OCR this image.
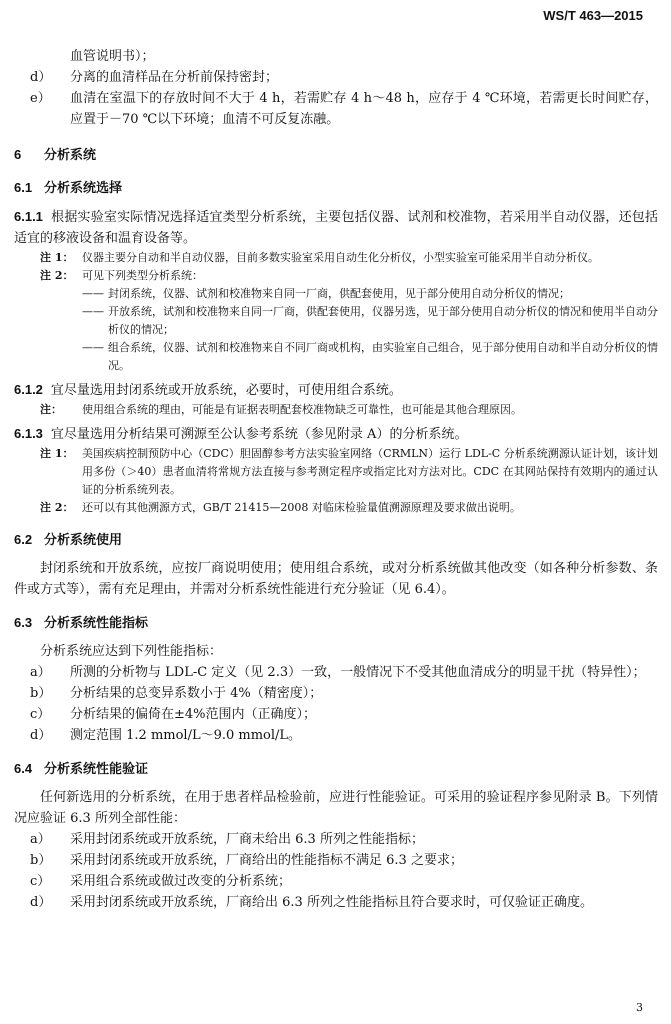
WS/T 463—2015
血管说明书）；
d）	分离的血清样品在分析前保持密封；
e）	血清在室温下的存放时间不大于 4 h，若需贮存 4 h～48 h，应存于 4 ℃环境，若需更长时间贮存，应置于－70 ℃以下环境；血清不可反复冻融。
6 分析系统
6.1 分析系统选择
6.1.1 根据实验室实际情况选择适宜类型分析系统，主要包括仪器、试剂和校准物，若采用半自动仪器，还包括适宜的移液设备和温育设备等。
注 1： 仪器主要分自动和半自动仪器，目前多数实验室采用自动生化分析仪，小型实验室可能采用半自动分析仪。
注 2： 可见下列类型分析系统：
—— 封闭系统，仪器、试剂和校准物来自同一厂商，供配套使用，见于部分使用自动分析仪的情况；
—— 开放系统，试剂和校准物来自同一厂商，供配套使用，仪器另选，见于部分使用自动分析仪的情况和使用半自动分析仪的情况；
—— 组合系统，仪器、试剂和校准物来自不同厂商或机构，由实验室自己组合，见于部分使用自动和半自动分析仪的情况。
6.1.2 宜尽量选用封闭系统或开放系统，必要时，可使用组合系统。
注：	使用组合系统的理由，可能是有证据表明配套校准物缺乏可靠性，也可能是其他合理原因。
6.1.3 宜尽量选用分析结果可溯源至公认参考系统（参见附录 A）的分析系统。
注 1： 美国疾病控制预防中心（CDC）胆固醇参考方法实验室网络（CRMLN）运行 LDL-C 分析系统溯源认证计划，该计划用多份（＞40）患者血清将常规方法直接与参考测定程序或指定比对方法对比。CDC 在其网站保持有效期内的通过认证的分析系统列表。
注 2： 还可以有其他溯源方式，GB/T 21415—2008 对临床检验量值溯源原理及要求做出说明。
6.2 分析系统使用
封闭系统和开放系统，应按厂商说明使用；使用组合系统，或对分析系统做其他改变（如各种分析参数、条件或方式等），需有充足理由，并需对分析系统性能进行充分验证（见 6.4）。
6.3 分析系统性能指标
分析系统应达到下列性能指标：
a）	所测的分析物与 LDL-C 定义（见 2.3）一致，一般情况下不受其他血清成分的明显干扰（特异性）；
b）	分析结果的总变异系数小于 4%（精密度）；
c）	分析结果的偏倚在±4%范围内（正确度）；
d）	测定范围 1.2 mmol/L～9.0 mmol/L。
6.4 分析系统性能验证
任何新选用的分析系统，在用于患者样品检验前，应进行性能验证。可采用的验证程序参见附录 B。下列情况应验证 6.3 所列全部性能：
a）	采用封闭系统或开放系统，厂商未给出 6.3 所列之性能指标；
b）	采用封闭系统或开放系统，厂商给出的性能指标不满足 6.3 之要求；
c）	采用组合系统或做过改变的分析系统；
d）	采用封闭系统或开放系统，厂商给出 6.3 所列之性能指标且符合要求时，可仅验证正确度。
3
